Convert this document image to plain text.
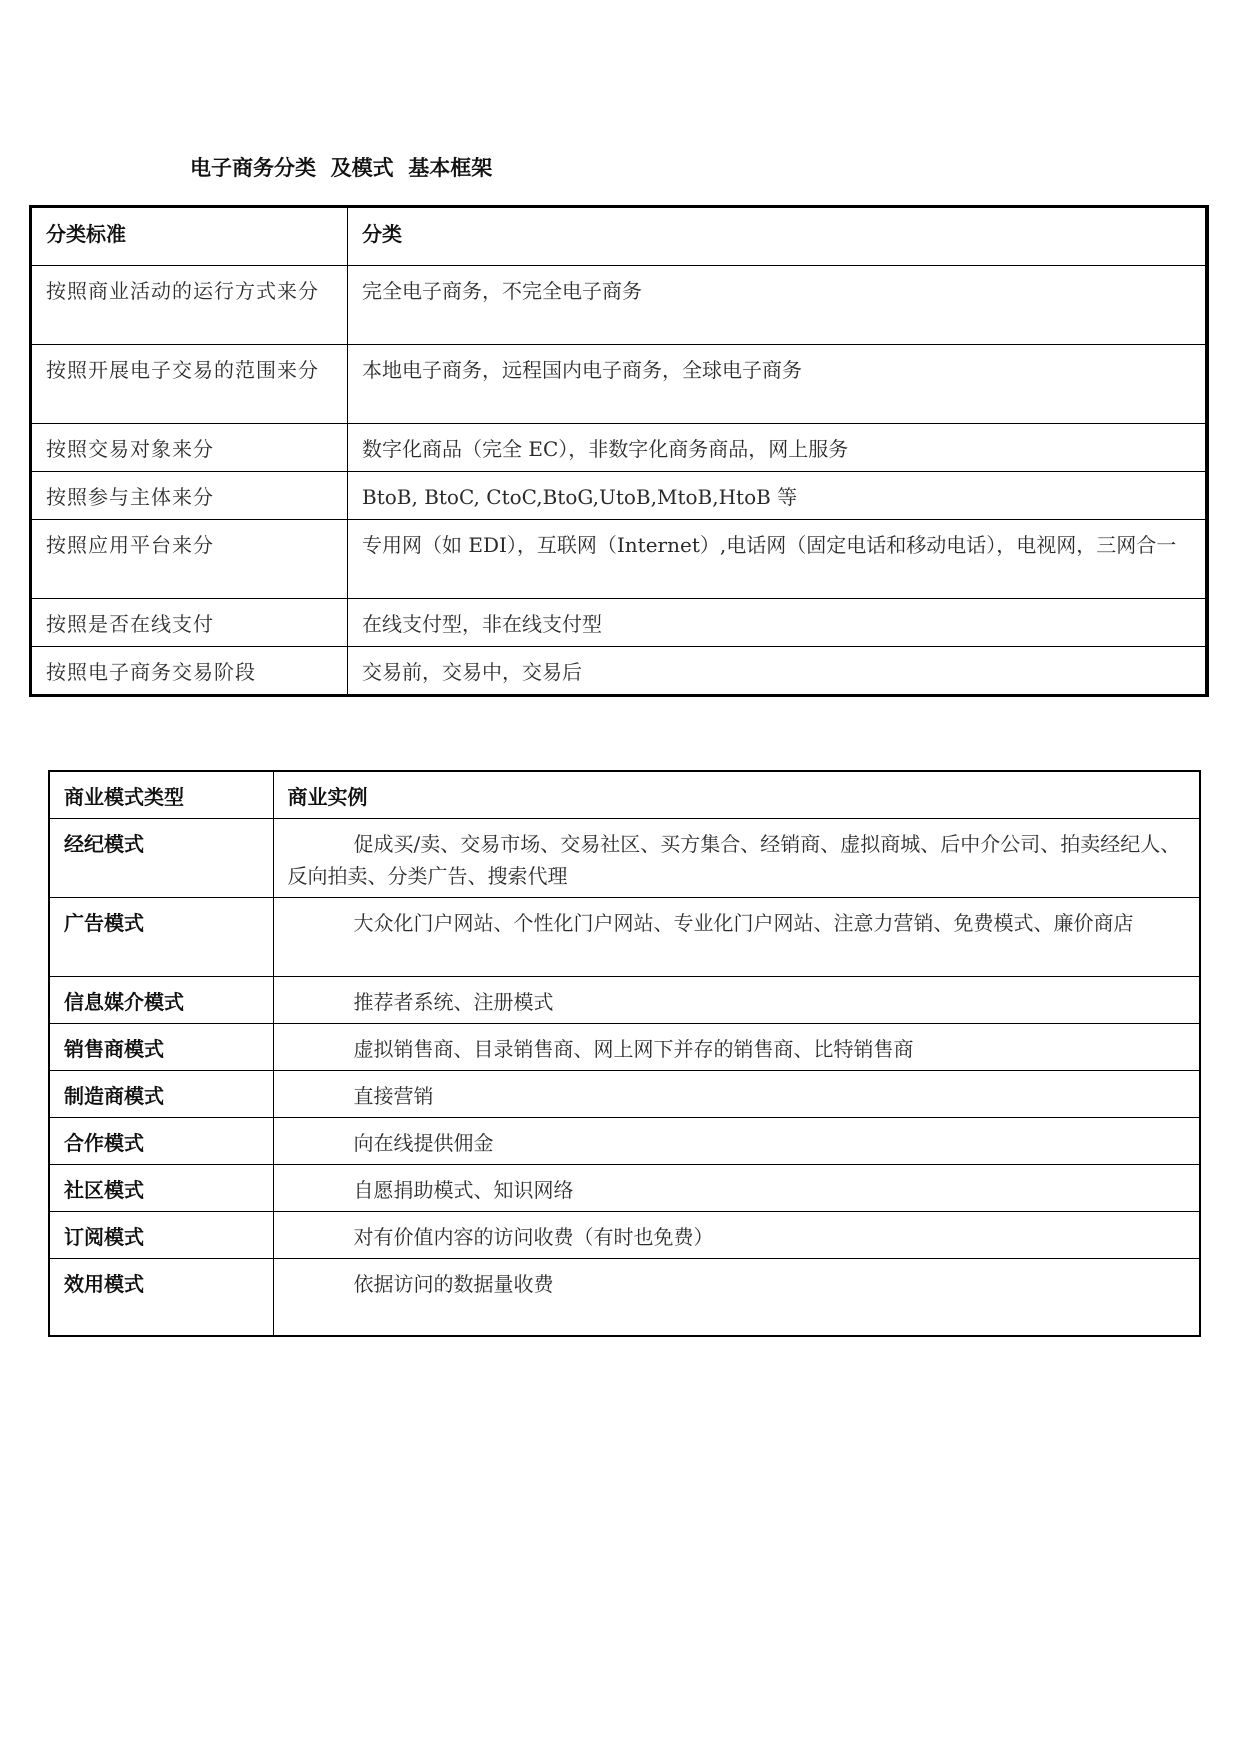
电子商务分类  及模式  基本框架
分类标准	分类
按照商业活动的运行方式来分	完全电子商务，不完全电子商务
按照开展电子交易的范围来分	本地电子商务，远程国内电子商务，全球电子商务
按照交易对象来分	数字化商品（完全 EC），非数字化商务商品，网上服务
按照参与主体来分	BtoB, BtoC, CtoC,BtoG,UtoB,MtoB,HtoB 等
按照应用平台来分	专用网（如 EDI），互联网（Internet）,电话网（固定电话和移动电话），电视网，三网合一
按照是否在线支付	在线支付型，非在线支付型
按照电子商务交易阶段	交易前，交易中，交易后
商业模式类型	商业实例
经纪模式	促成买/卖、交易市场、交易社区、买方集合、经销商、虚拟商城、后中介公司、拍卖经纪人、反向拍卖、分类广告、搜索代理
广告模式	大众化门户网站、个性化门户网站、专业化门户网站、注意力营销、免费模式、廉价商店
信息媒介模式	推荐者系统、注册模式
销售商模式	虚拟销售商、目录销售商、网上网下并存的销售商、比特销售商
制造商模式	直接营销
合作模式	向在线提供佣金
社区模式	自愿捐助模式、知识网络
订阅模式	对有价值内容的访问收费（有时也免费）
效用模式	依据访问的数据量收费
